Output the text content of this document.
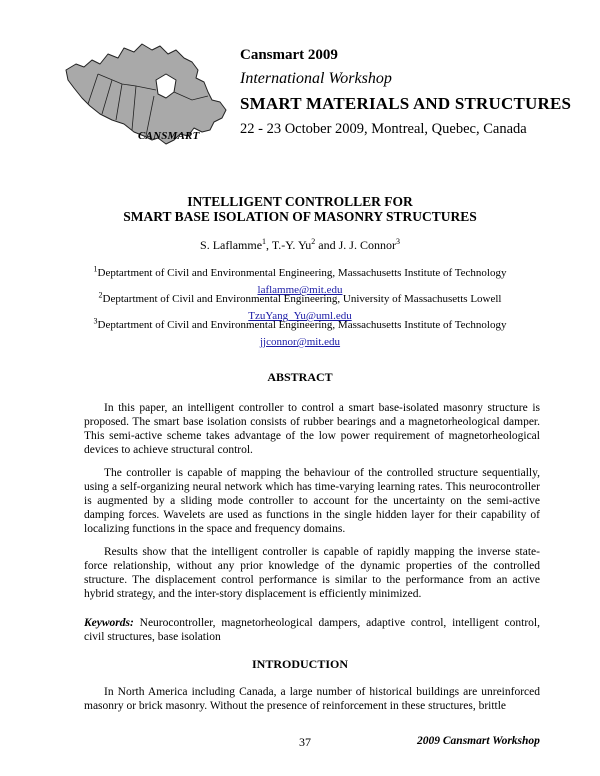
CANSMART
Cansmart 2009
International Workshop
SMART MATERIALS AND STRUCTURES
22 - 23 October 2009, Montreal, Quebec, Canada
INTELLIGENT CONTROLLER FOR
SMART BASE ISOLATION OF MASONRY STRUCTURES
S. Laflamme$^1$, T.-Y. Yu$^2$ and J. J. Connor$^3$
$^1$Deptartment of Civil and Environmental Engineering, Massachusetts Institute of Technology
laflamme@mit.edu
$^2$Deptartment of Civil and Environmental Engineering, University of Massachusetts Lowell
TzuYang_Yu@uml.edu
$^3$Deptartment of Civil and Environmental Engineering, Massachusetts Institute of Technology
jjconnor@mit.edu
ABSTRACT

In this paper, an intelligent controller to control a smart base-isolated masonry structure is proposed. The smart base isolation consists of rubber bearings and a magnetorheological damper. This semi-active scheme takes advantage of the low power requirement of magnetorheological devices to achieve structural control.

The controller is capable of mapping the behaviour of the controlled structure sequentially, using a self-organizing neural network which has time-varying learning rates. This neurocontroller is augmented by a sliding mode controller to account for the uncertainty on the semi-active damping forces. Wavelets are used as functions in the single hidden layer for their capability of localizing functions in the space and frequency domains.

Results show that the intelligent controller is capable of rapidly mapping the inverse state-force relationship, without any prior knowledge of the dynamic properties of the controlled structure. The displacement control performance is similar to the performance from an active hybrid strategy, and the inter-story displacement is efficiently minimized.

Keywords: Neurocontroller, magnetorheological dampers, adaptive control, intelligent control, civil structures, base isolation

INTRODUCTION

In North America including Canada, a large number of historical buildings are unreinforced masonry or brick masonry. Without the presence of reinforcement in these structures, brittle

37	2009 Cansmart Workshop
